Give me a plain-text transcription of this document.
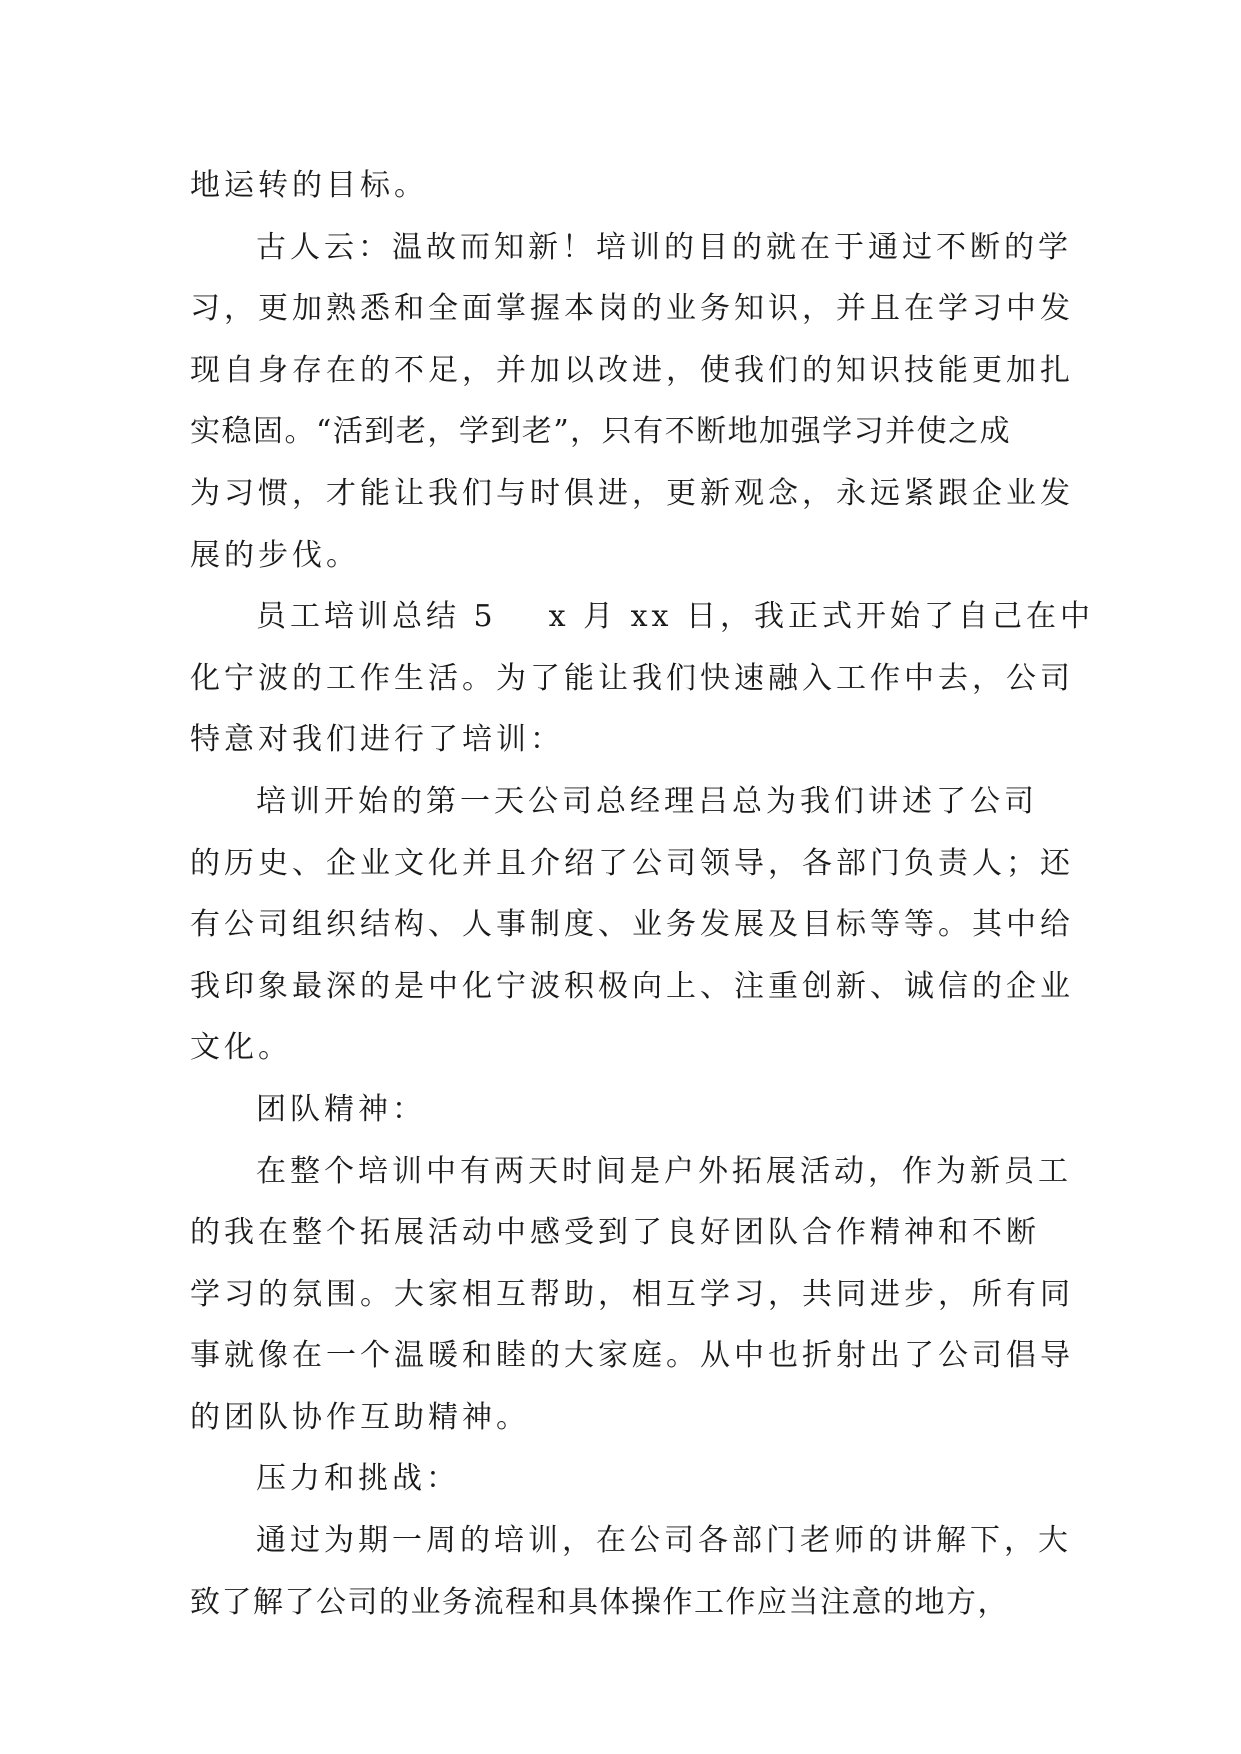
地运转的目标。
古人云：温故而知新！培训的目的就在于通过不断的学
习，更加熟悉和全面掌握本岗的业务知识，并且在学习中发
现自身存在的不足，并加以改进，使我们的知识技能更加扎
实稳固。“活到老，学到老”，只有不断地加强学习并使之成
为习惯，才能让我们与时俱进，更新观念，永远紧跟企业发
展的步伐。
员工培训总结 5 x 月 xx 日，我正式开始了自己在中
化宁波的工作生活。为了能让我们快速融入工作中去，公司
特意对我们进行了培训：
培训开始的第一天公司总经理吕总为我们讲述了公司
的历史、企业文化并且介绍了公司领导，各部门负责人；还
有公司组织结构、人事制度、业务发展及目标等等。其中给
我印象最深的是中化宁波积极向上、注重创新、诚信的企业
文化。
团队精神：
在整个培训中有两天时间是户外拓展活动，作为新员工
的我在整个拓展活动中感受到了良好团队合作精神和不断
学习的氛围。大家相互帮助，相互学习，共同进步，所有同
事就像在一个温暖和睦的大家庭。从中也折射出了公司倡导
的团队协作互助精神。
压力和挑战：
通过为期一周的培训，在公司各部门老师的讲解下，大
致了解了公司的业务流程和具体操作工作应当注意的地方，
